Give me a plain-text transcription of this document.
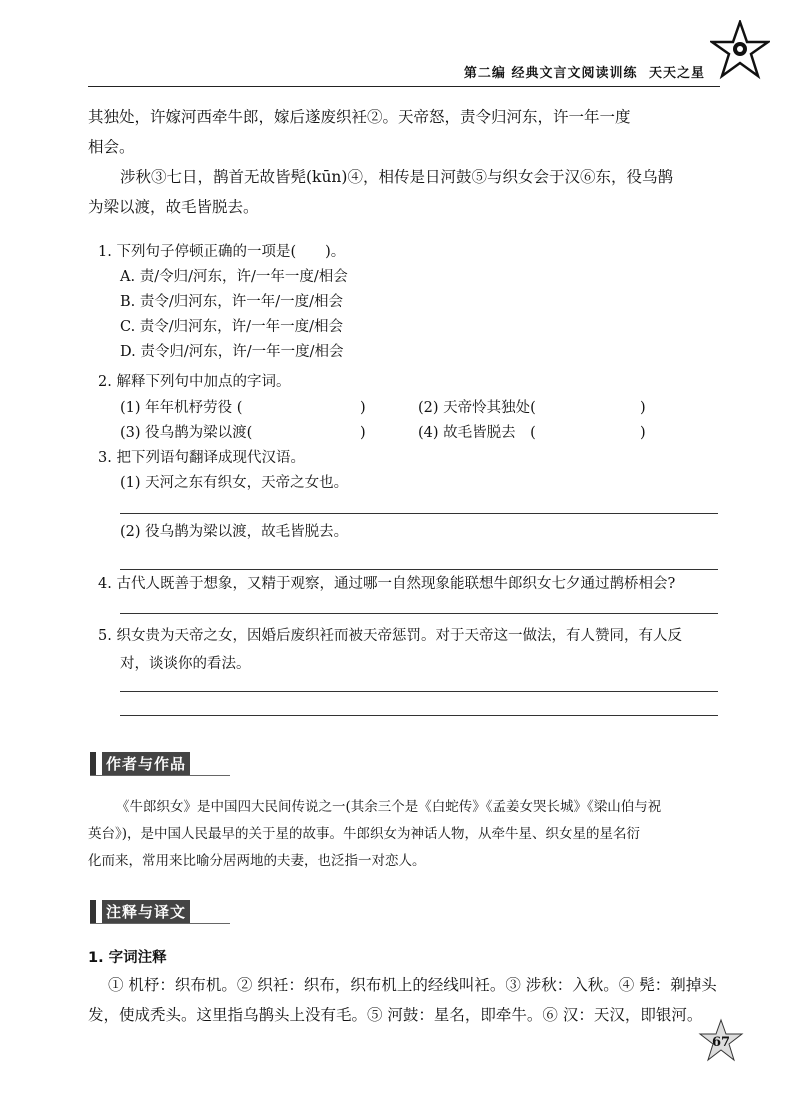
第二编 经典文言文阅读训练 天天之星
其独处，许嫁河西牵牛郎，嫁后遂废织衽②。天帝怒，责令归河东，许一年一度
相会。
涉秋③七日，鹊首无故皆髡(kūn)④，相传是日河鼓⑤与织女会于汉⑥东，役乌鹊
为梁以渡，故毛皆脱去。
1. 下列句子停顿正确的一项是(　　)。
A. 责/令归/河东，许/一年一度/相会
B. 责令/归河东，许一年/一度/相会
C. 责令/归河东，许/一年一度/相会
D. 责令归/河东，许/一年一度/相会
2. 解释下列句中加点的字词。
(1) 年年机杼劳役 (	)	(2) 天帝怜其独处(	)
(3) 役乌鹊为梁以渡(	)	(4) 故毛皆脱去　(	)
3. 把下列语句翻译成现代汉语。
(1) 天河之东有织女，天帝之女也。
(2) 役乌鹊为梁以渡，故毛皆脱去。
4. 古代人既善于想象，又精于观察，通过哪一自然现象能联想牛郎织女七夕通过鹊桥相会?
5. 织女贵为天帝之女，因婚后废织衽而被天帝惩罚。对于天帝这一做法，有人赞同，有人反
对，谈谈你的看法。
作者与作品
《牛郎织女》是中国四大民间传说之一(其余三个是《白蛇传》《孟姜女哭长城》《梁山伯与祝
英台》)，是中国人民最早的关于星的故事。牛郎织女为神话人物，从牵牛星、织女星的星名衍
化而来，常用来比喻分居两地的夫妻，也泛指一对恋人。
注释与译文
1. 字词注释
① 机杼：织布机。② 织衽：织布，织布机上的经线叫衽。③ 涉秋：入秋。④ 髡：剃掉头
发，使成秃头。这里指乌鹊头上没有毛。⑤ 河鼓：星名，即牵牛。⑥ 汉：天汉，即银河。
67
